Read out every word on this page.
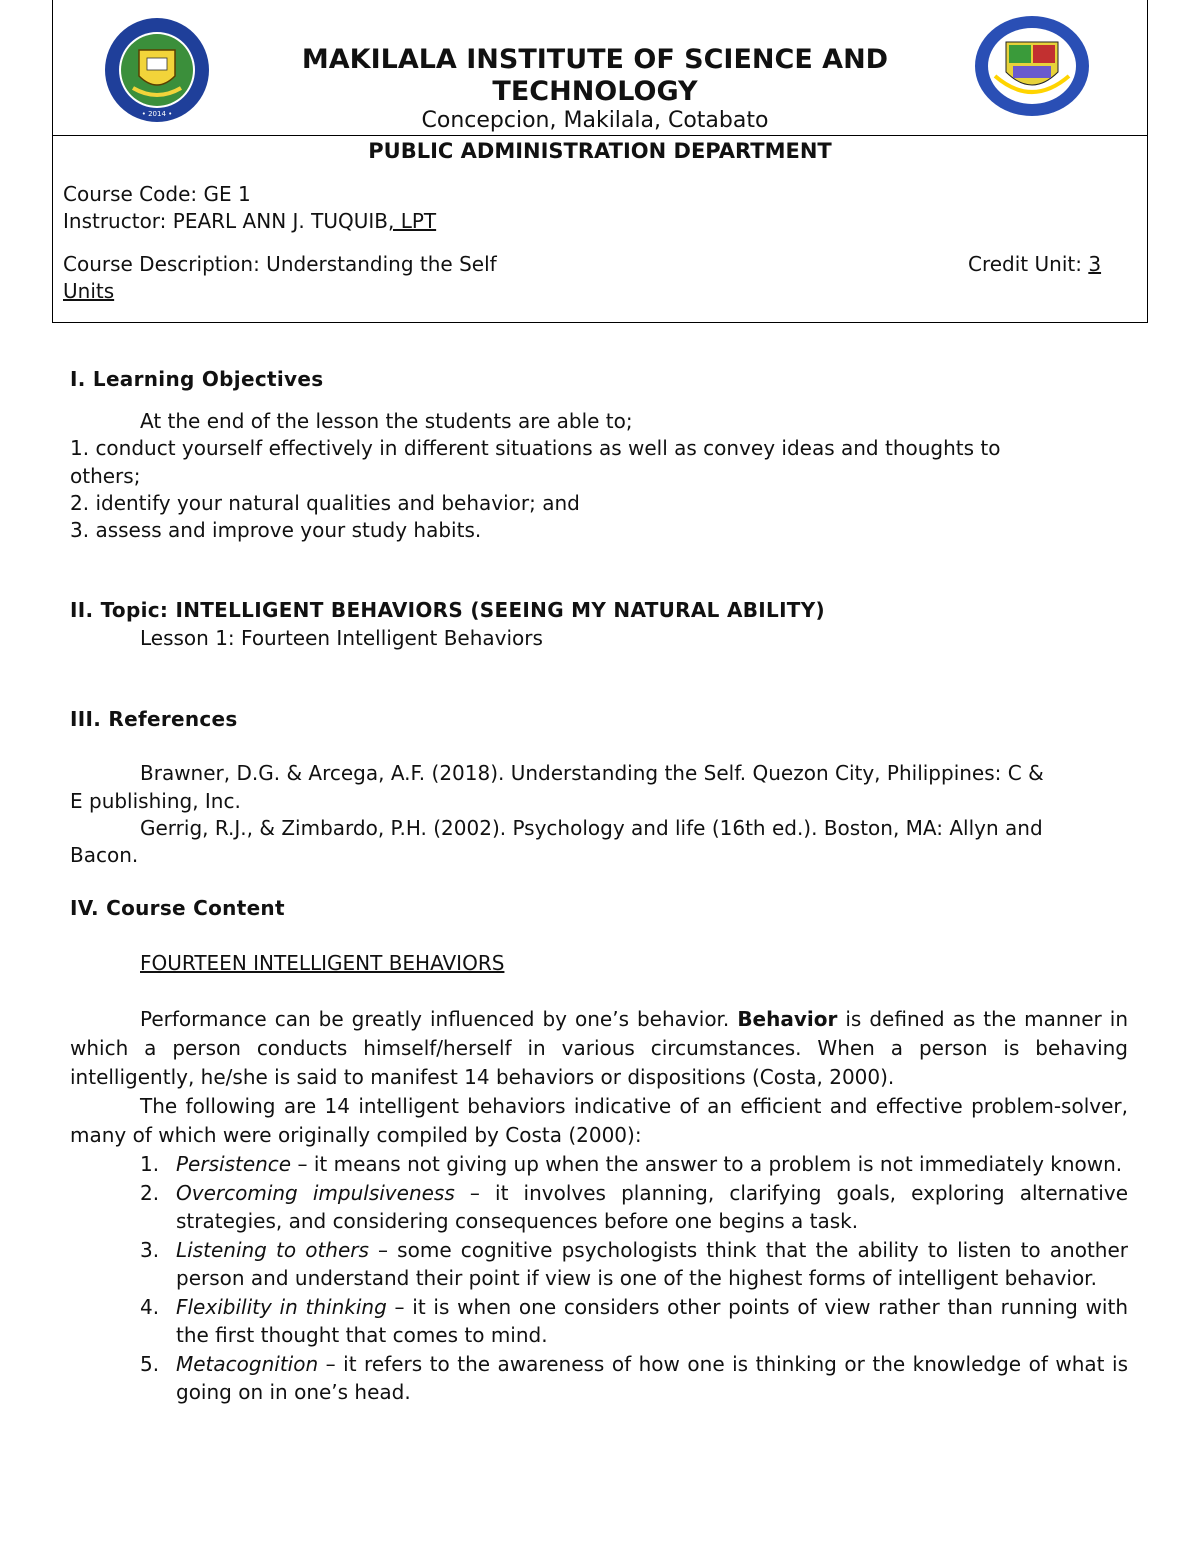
• 2014 •
MAKILALA INSTITUTE OF SCIENCE AND
TECHNOLOGY
Concepcion, Makilala, Cotabato
PUBLIC ADMINISTRATION DEPARTMENT
Course Code: GE 1
Instructor: PEARL ANN J. TUQUIB, LPT
Course Description: Understanding the Self	Credit Unit: 3
Units
I. Learning Objectives
At the end of the lesson the students are able to;
1. conduct yourself effectively in different situations as well as convey ideas and thoughts to
others;
2. identify your natural qualities and behavior; and
3. assess and improve your study habits.
II. Topic: INTELLIGENT BEHAVIORS (SEEING MY NATURAL ABILITY)
Lesson 1: Fourteen Intelligent Behaviors
III. References
Brawner, D.G. & Arcega, A.F. (2018). Understanding the Self. Quezon City, Philippines: C &
E publishing, Inc.
Gerrig, R.J., & Zimbardo, P.H. (2002). Psychology and life (16th ed.). Boston, MA: Allyn and
Bacon.
IV. Course Content
FOURTEEN INTELLIGENT BEHAVIORS
Performance can be greatly influenced by one’s behavior. Behavior is defined as the manner in which a person conducts himself/herself in various circumstances. When a person is behaving intelligently, he/she is said to manifest 14 behaviors or dispositions (Costa, 2000).
The following are 14 intelligent behaviors indicative of an efficient and effective problem-solver, many of which were originally compiled by Costa (2000):
1. Persistence – it means not giving up when the answer to a problem is not immediately known.
2. Overcoming impulsiveness – it involves planning, clarifying goals, exploring alternative strategies, and considering consequences before one begins a task.
3. Listening to others – some cognitive psychologists think that the ability to listen to another person and understand their point if view is one of the highest forms of intelligent behavior.
4. Flexibility in thinking – it is when one considers other points of view rather than running with the first thought that comes to mind.
5. Metacognition – it refers to the awareness of how one is thinking or the knowledge of what is going on in one’s head.
